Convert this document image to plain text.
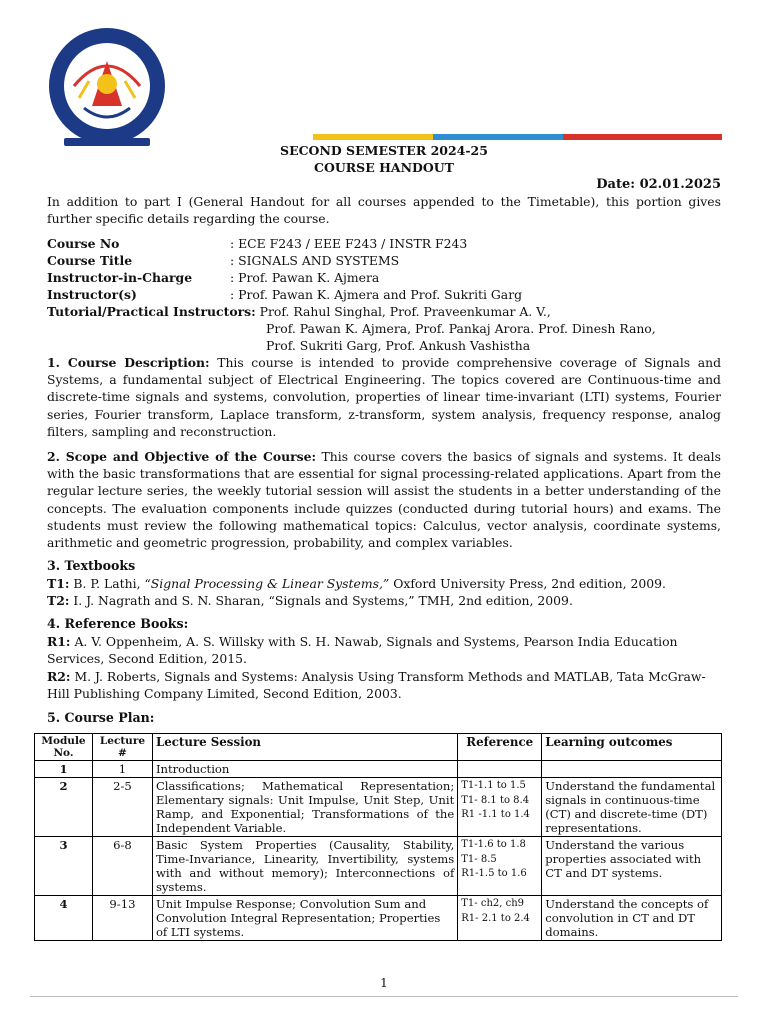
SECOND SEMESTER 2024-25
COURSE HANDOUT
Date: 02.01.2025
In addition to part I (General Handout for all courses appended to the Timetable), this portion gives further specific details regarding the course.
Course No	: ECE F243 / EEE F243 / INSTR F243
Course Title	: SIGNALS AND SYSTEMS
Instructor-in-Charge	: Prof. Pawan K. Ajmera
Instructor(s)	: Prof. Pawan K. Ajmera and Prof. Sukriti Garg
Tutorial/Practical Instructors: Prof. Rahul Singhal, Prof. Praveenkumar A. V.,
Prof. Pawan K. Ajmera, Prof. Pankaj Arora. Prof. Dinesh Rano,
Prof. Sukriti Garg, Prof. Ankush Vashistha
1. Course Description: This course is intended to provide comprehensive coverage of Signals and Systems, a fundamental subject of Electrical Engineering. The topics covered are Continuous-time and discrete-time signals and systems, convolution, properties of linear time-invariant (LTI) systems, Fourier series, Fourier transform, Laplace transform, z-transform, system analysis, frequency response, analog filters, sampling and reconstruction.
2. Scope and Objective of the Course: This course covers the basics of signals and systems. It deals with the basic transformations that are essential for signal processing-related applications. Apart from the regular lecture series, the weekly tutorial session will assist the students in a better understanding of the concepts. The evaluation components include quizzes (conducted during tutorial hours) and exams. The students must review the following mathematical topics: Calculus, vector analysis, coordinate systems, arithmetic and geometric progression, probability, and complex variables.
3. Textbooks
T1: B. P. Lathi, “Signal Processing & Linear Systems,” Oxford University Press, 2nd edition, 2009.
T2: I. J. Nagrath and S. N. Sharan, “Signals and Systems,” TMH, 2nd edition, 2009.
4. Reference Books:
R1: A. V. Oppenheim, A. S. Willsky with S. H. Nawab, Signals and Systems, Pearson India Education Services, Second Edition, 2015.
R2: M. J. Roberts, Signals and Systems: Analysis Using Transform Methods and MATLAB, Tata McGraw-Hill Publishing Company Limited, Second Edition, 2003.
5. Course Plan:
Module No.	Lecture #	Lecture Session	Reference	Learning outcomes
1	1	Introduction		
2	2-5	Classifications; Mathematical Representation; Elementary signals: Unit Impulse, Unit Step, Unit Ramp, and Exponential; Transformations of the Independent Variable.	T1-1.1 to 1.5
T1- 8.1 to 8.4
R1 -1.1 to 1.4	Understand the fundamental signals in continuous-time (CT) and discrete-time (DT) representations.
3	6-8	Basic System Properties (Causality, Stability, Time-Invariance, Linearity, Invertibility, systems with and without memory); Interconnections of systems.	T1-1.6 to 1.8
T1- 8.5
R1-1.5 to 1.6	Understand the various properties associated with CT and DT systems.
4	9-13	Unit Impulse Response; Convolution Sum and Convolution Integral Representation; Properties of LTI systems.	T1- ch2, ch9
R1- 2.1 to 2.4	Understand the concepts of convolution in CT and DT domains.
1
